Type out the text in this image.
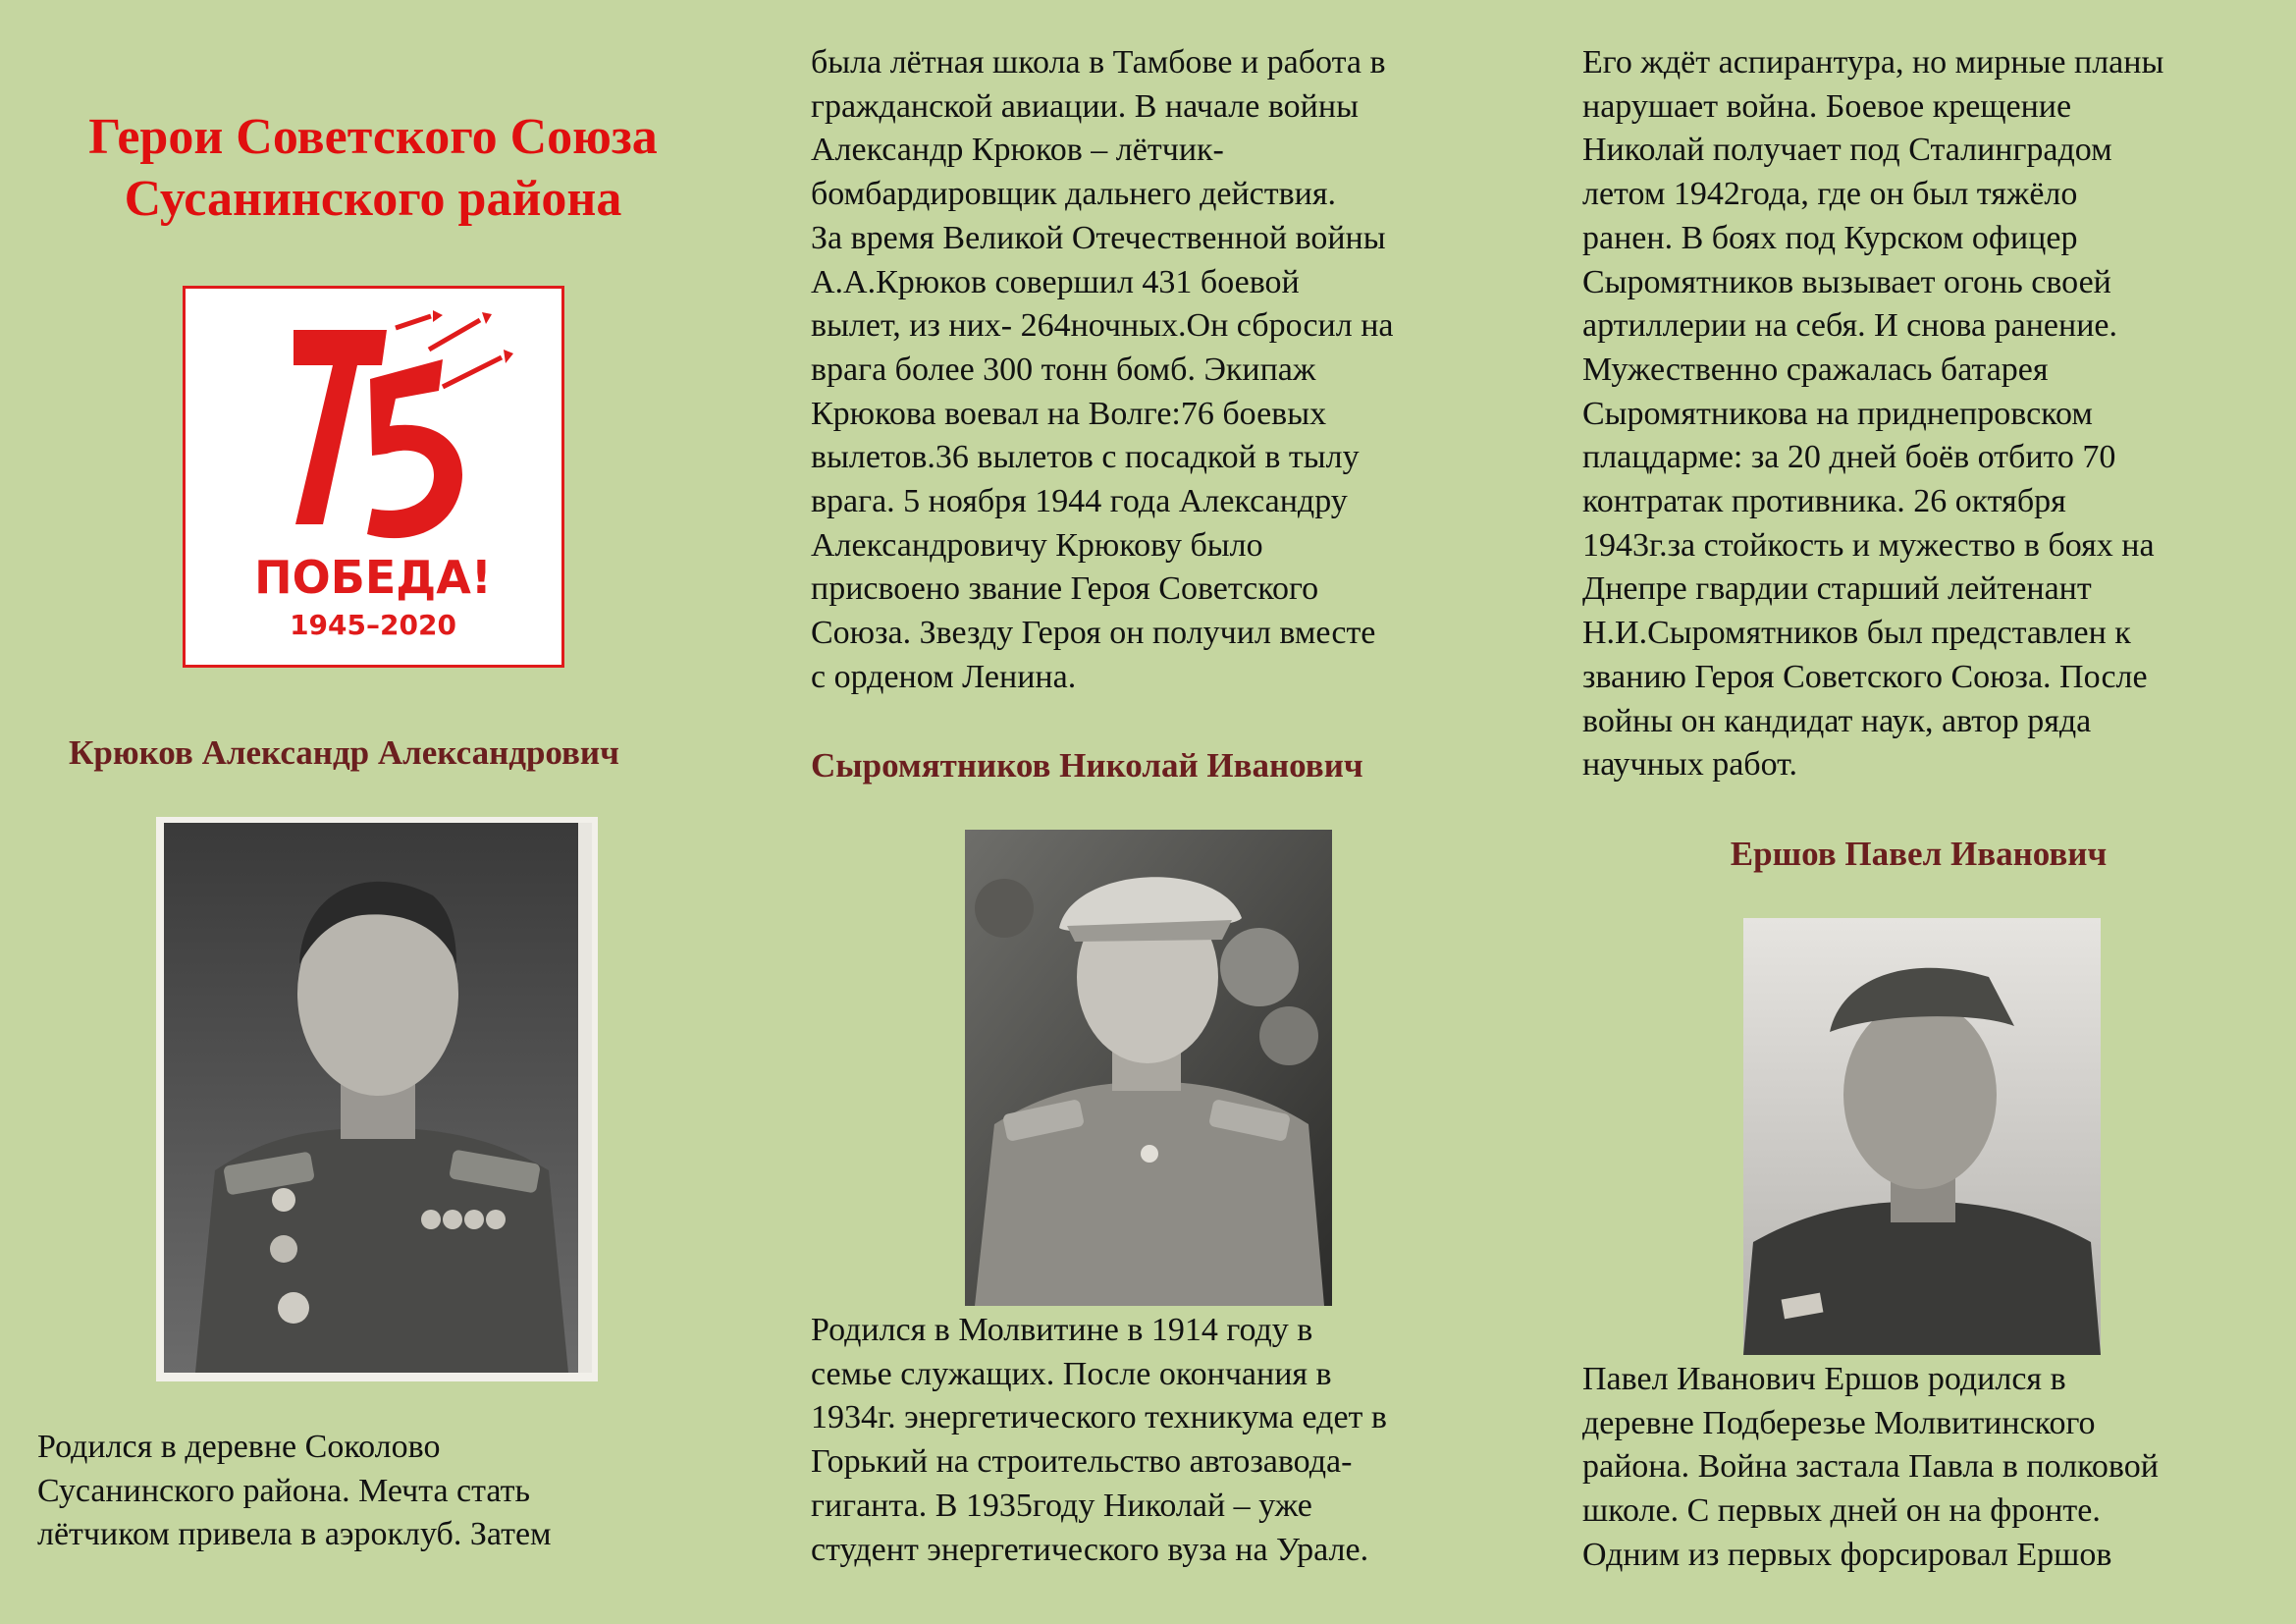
Герои Советского Союза
Сусанинского района
ПОБЕДА!
1945–2020
Крюков Александр Александрович
Родился в деревне Соколово
Сусанинского района. Мечта стать
лётчиком привела в аэроклуб. Затем
была лётная школа в Тамбове и работа в
гражданской авиации. В начале войны
Александр Крюков – лётчик-
бомбардировщик дальнего действия.
За время Великой Отечественной войны
А.А.Крюков совершил 431 боевой
вылет, из них- 264ночных.Он сбросил на
врага более 300 тонн бомб. Экипаж
Крюкова воевал на Волге:76 боевых
вылетов.36 вылетов с посадкой в тылу
врага. 5 ноября 1944 года Александру
Александровичу Крюкову было
присвоено звание Героя Советского
Союза. Звезду Героя он получил вместе
с орденом Ленина.
Сыромятников Николай Иванович
Родился в Молвитине в 1914 году в
семье служащих. После окончания в
1934г. энергетического техникума едет в
Горький на строительство автозавода-
гиганта. В 1935году Николай – уже
студент энергетического вуза на Урале.
Его ждёт аспирантура, но мирные планы
нарушает война. Боевое крещение
Николай получает под Сталинградом
летом 1942года, где он был тяжёло
ранен. В боях под Курском офицер
Сыромятников вызывает огонь своей
артиллерии на себя. И снова ранение.
Мужественно сражалась батарея
Сыромятникова на приднепровском
плацдарме: за 20 дней боёв отбито 70
контратак противника. 26 октября
1943г.за стойкость и мужество в боях на
Днепре гвардии старший лейтенант
Н.И.Сыромятников был представлен к
званию Героя Советского Союза. После
войны он кандидат наук, автор ряда
научных работ.
Ершов Павел Иванович
Павел Иванович Ершов родился в
деревне Подберезье Молвитинского
района. Война застала Павла в полковой
школе. С первых дней он на фронте.
Одним из первых форсировал Ершов
